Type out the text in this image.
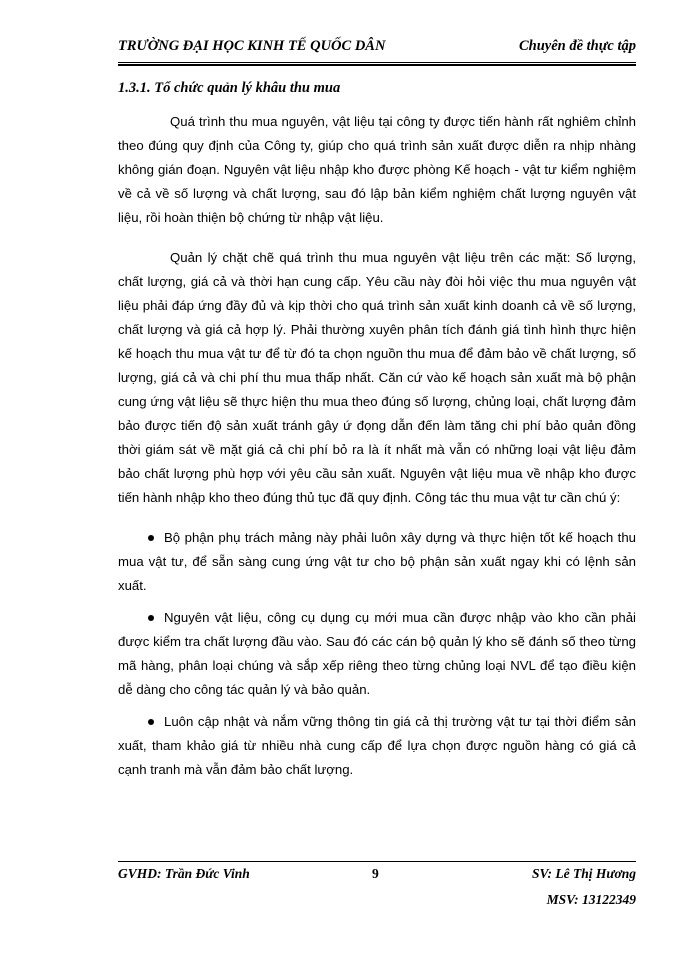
TRƯỜNG ĐẠI HỌC KINH TẾ QUỐC DÂN	Chuyên đề thực tập
1.3.1. Tổ chức quản lý khâu thu mua

Quá trình thu mua nguyên, vật liệu tại công ty được tiến hành rất nghiêm chỉnh theo đúng quy định của Công ty, giúp cho quá trình sản xuất được diễn ra nhịp nhàng không gián đoạn. Nguyên vật liệu nhập kho được phòng Kế hoạch - vật tư kiểm nghiệm về cả về số lượng và chất lượng, sau đó lập bản kiểm nghiệm chất lượng nguyên vật liệu, rồi hoàn thiện bộ chứng từ nhập vật liệu.

Quản lý chặt chẽ quá trình thu mua nguyên vật liệu trên các mặt: Số lượng, chất lượng, giá cả và thời hạn cung cấp. Yêu cầu này đòi hỏi việc thu mua nguyên vật liệu phải đáp ứng đầy đủ và kịp thời cho quá trình sản xuất kinh doanh cả về số lượng, chất lượng và giá cả hợp lý. Phải thường xuyên phân tích đánh giá tình hình thực hiện kế hoạch thu mua vật tư để từ đó ta chọn nguồn thu mua để đảm bảo về chất lượng, số lượng, giá cả và chi phí thu mua thấp nhất. Căn cứ vào kế hoạch sản xuất mà bộ phận cung ứng vật liệu sẽ thực hiện thu mua theo đúng số lượng, chủng loại, chất lượng đảm bảo được tiến độ sản xuất tránh gây ứ đọng dẫn đến làm tăng chi phí bảo quản đồng thời giám sát về mặt giá cả chi phí bỏ ra là ít nhất mà vẫn có những loại vật liệu đảm bảo chất lượng phù hợp với yêu cầu sản xuất. Nguyên vật liệu mua về nhập kho được tiến hành nhập kho theo đúng thủ tục đã quy định. Công tác thu mua vật tư cần chú ý:

Bộ phận phụ trách mảng này phải luôn xây dựng và thực hiện tốt kế hoạch thu mua vật tư, để sẵn sàng cung ứng vật tư cho bộ phận sản xuất ngay khi có lệnh sản xuất.

Nguyên vật liệu, công cụ dụng cụ mới mua cần được nhập vào kho cần phải được kiểm tra chất lượng đầu vào. Sau đó các cán bộ quản lý kho sẽ đánh số theo từng mã hàng, phân loại chúng và sắp xếp riêng theo từng chủng loại NVL để tạo điều kiện dễ dàng cho công tác quản lý và bảo quản.

Luôn cập nhật và nắm vững thông tin giá cả thị trường vật tư tại thời điểm sản xuất, tham khảo giá từ nhiều nhà cung cấp để lựa chọn được nguồn hàng có giá cả cạnh tranh mà vẫn đảm bảo chất lượng.

GVHD: Trần Đức Vinh	9	SV: Lê Thị Hương
MSV: 13122349
